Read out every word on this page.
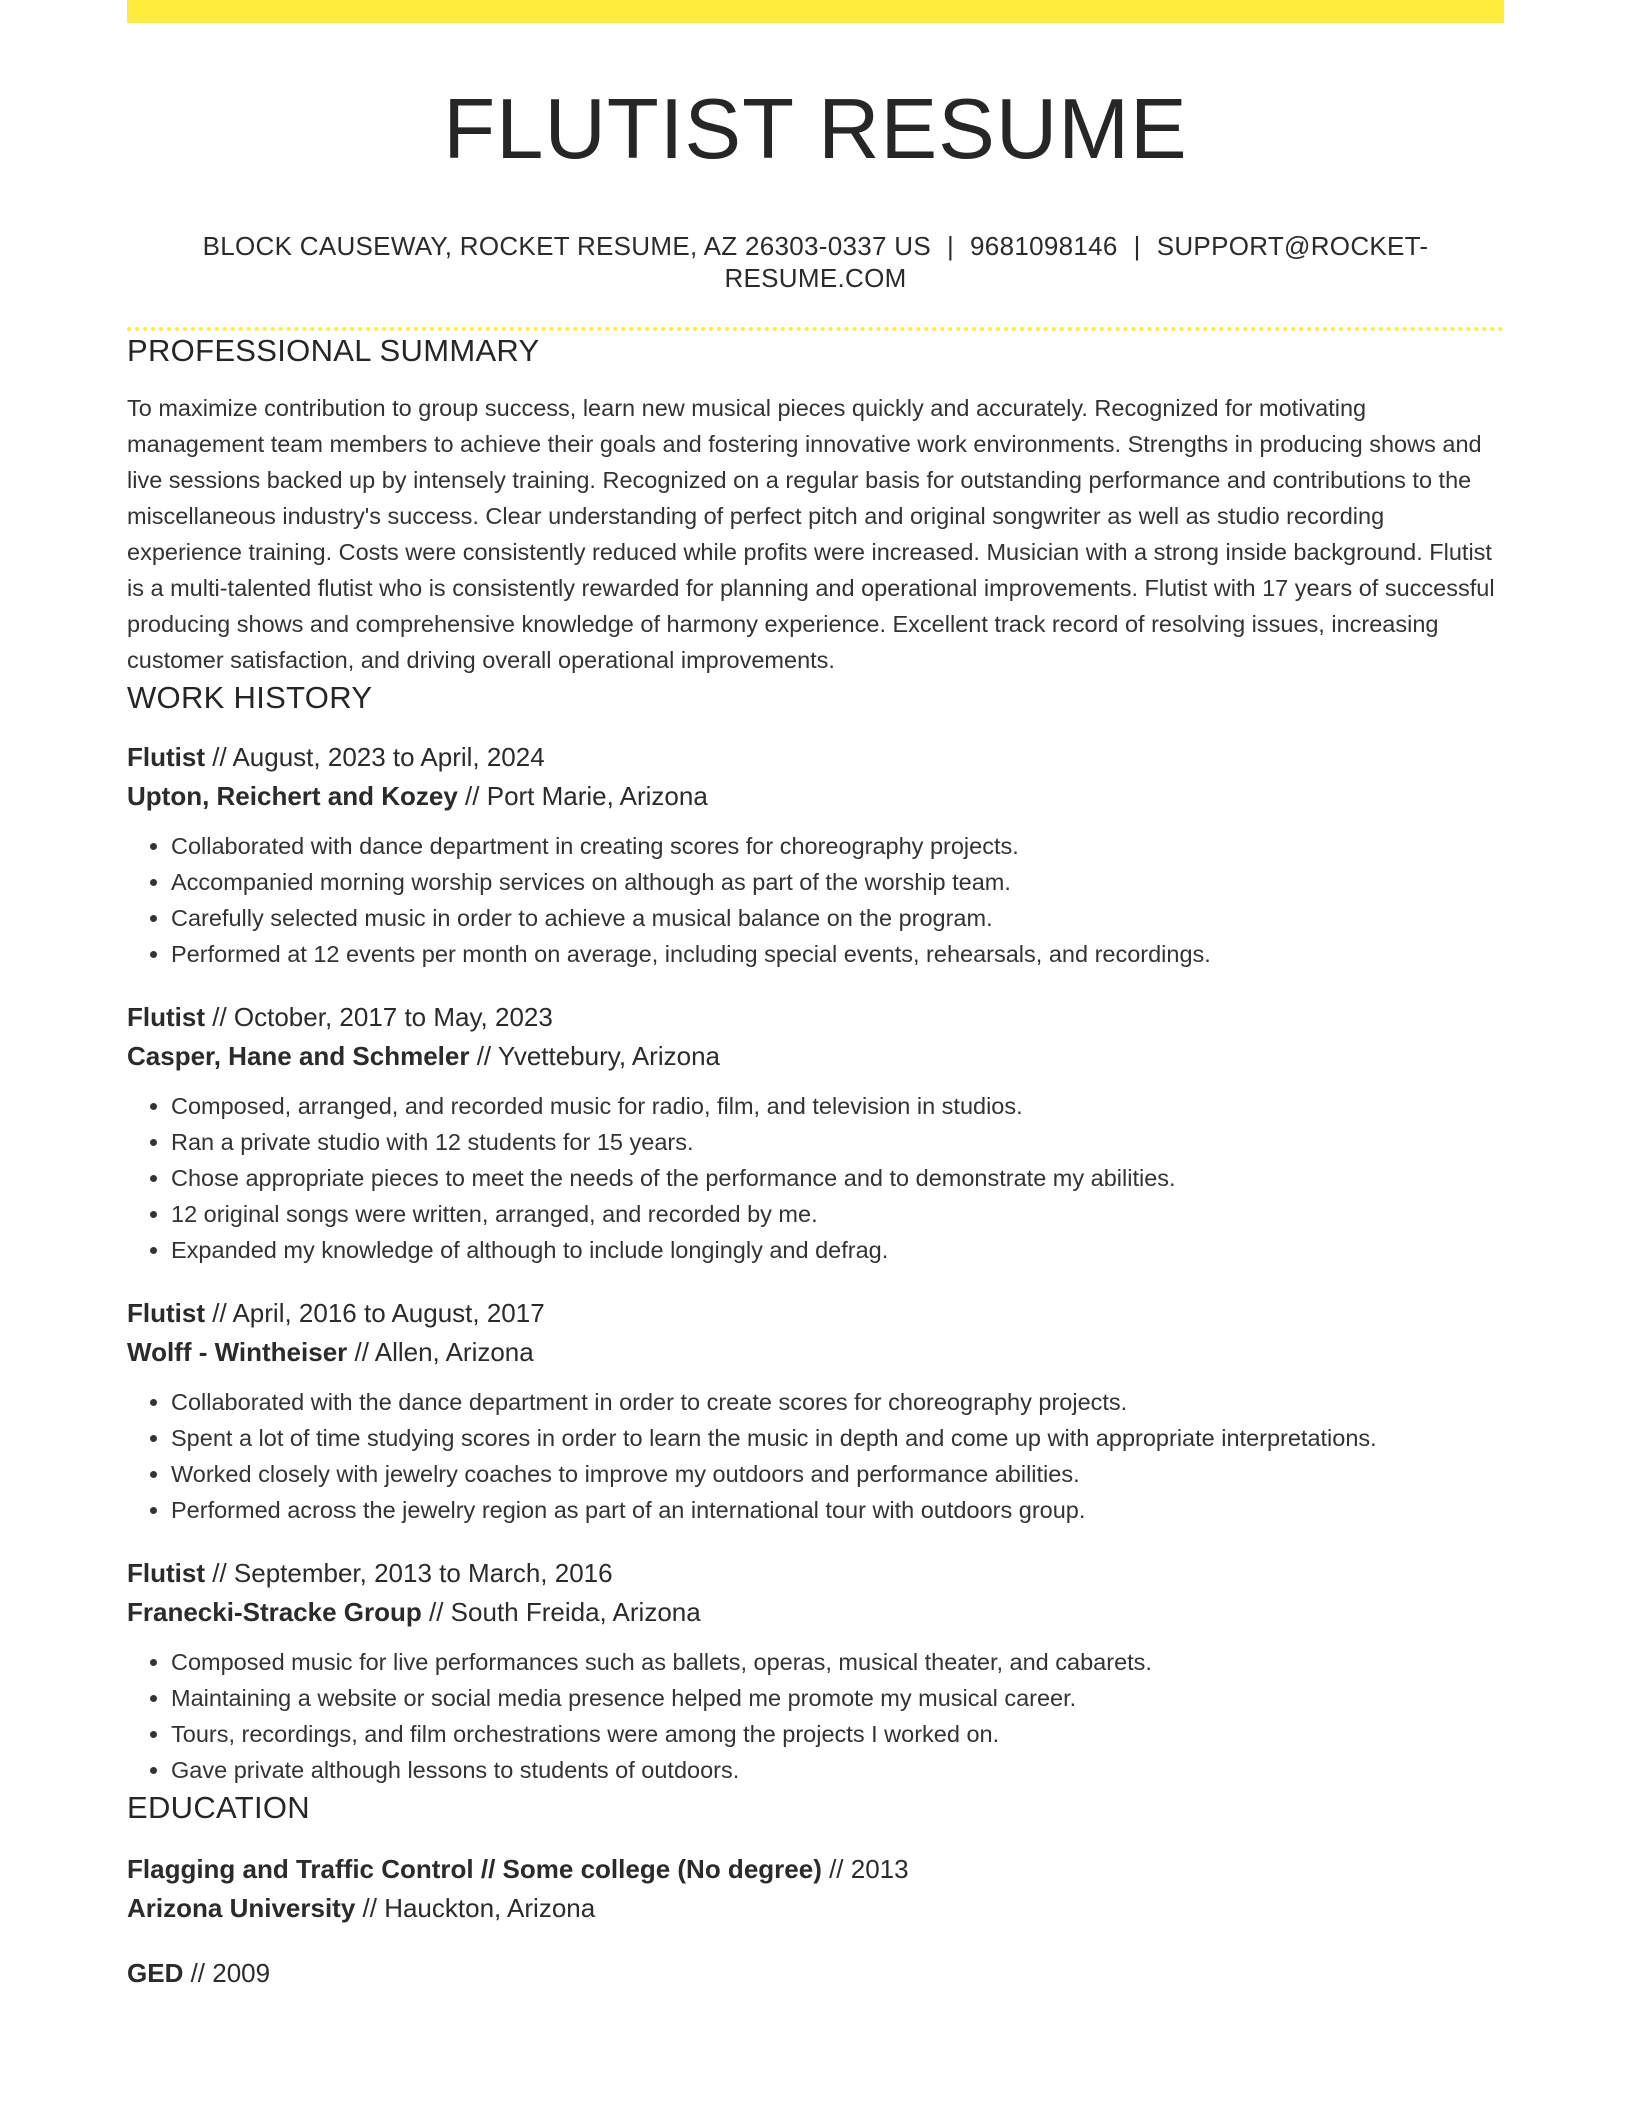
FLUTIST RESUME
BLOCK CAUSEWAY, ROCKET RESUME, AZ 26303-0337 US | 9681098146 | SUPPORT@ROCKET-RESUME.COM
PROFESSIONAL SUMMARY
To maximize contribution to group success, learn new musical pieces quickly and accurately. Recognized for motivating management team members to achieve their goals and fostering innovative work environments. Strengths in producing shows and live sessions backed up by intensely training. Recognized on a regular basis for outstanding performance and contributions to the miscellaneous industry's success. Clear understanding of perfect pitch and original songwriter as well as studio recording experience training. Costs were consistently reduced while profits were increased. Musician with a strong inside background. Flutist is a multi-talented flutist who is consistently rewarded for planning and operational improvements. Flutist with 17 years of successful producing shows and comprehensive knowledge of harmony experience. Excellent track record of resolving issues, increasing customer satisfaction, and driving overall operational improvements.
WORK HISTORY
Flutist // August, 2023 to April, 2024
Upton, Reichert and Kozey // Port Marie, Arizona
• Collaborated with dance department in creating scores for choreography projects.
• Accompanied morning worship services on although as part of the worship team.
• Carefully selected music in order to achieve a musical balance on the program.
• Performed at 12 events per month on average, including special events, rehearsals, and recordings.
Flutist // October, 2017 to May, 2023
Casper, Hane and Schmeler // Yvettebury, Arizona
• Composed, arranged, and recorded music for radio, film, and television in studios.
• Ran a private studio with 12 students for 15 years.
• Chose appropriate pieces to meet the needs of the performance and to demonstrate my abilities.
• 12 original songs were written, arranged, and recorded by me.
• Expanded my knowledge of although to include longingly and defrag.
Flutist // April, 2016 to August, 2017
Wolff - Wintheiser // Allen, Arizona
• Collaborated with the dance department in order to create scores for choreography projects.
• Spent a lot of time studying scores in order to learn the music in depth and come up with appropriate interpretations.
• Worked closely with jewelry coaches to improve my outdoors and performance abilities.
• Performed across the jewelry region as part of an international tour with outdoors group.
Flutist // September, 2013 to March, 2016
Franecki-Stracke Group // South Freida, Arizona
• Composed music for live performances such as ballets, operas, musical theater, and cabarets.
• Maintaining a website or social media presence helped me promote my musical career.
• Tours, recordings, and film orchestrations were among the projects I worked on.
• Gave private although lessons to students of outdoors.
EDUCATION
Flagging and Traffic Control // Some college (No degree) // 2013
Arizona University // Hauckton, Arizona
GED // 2009
